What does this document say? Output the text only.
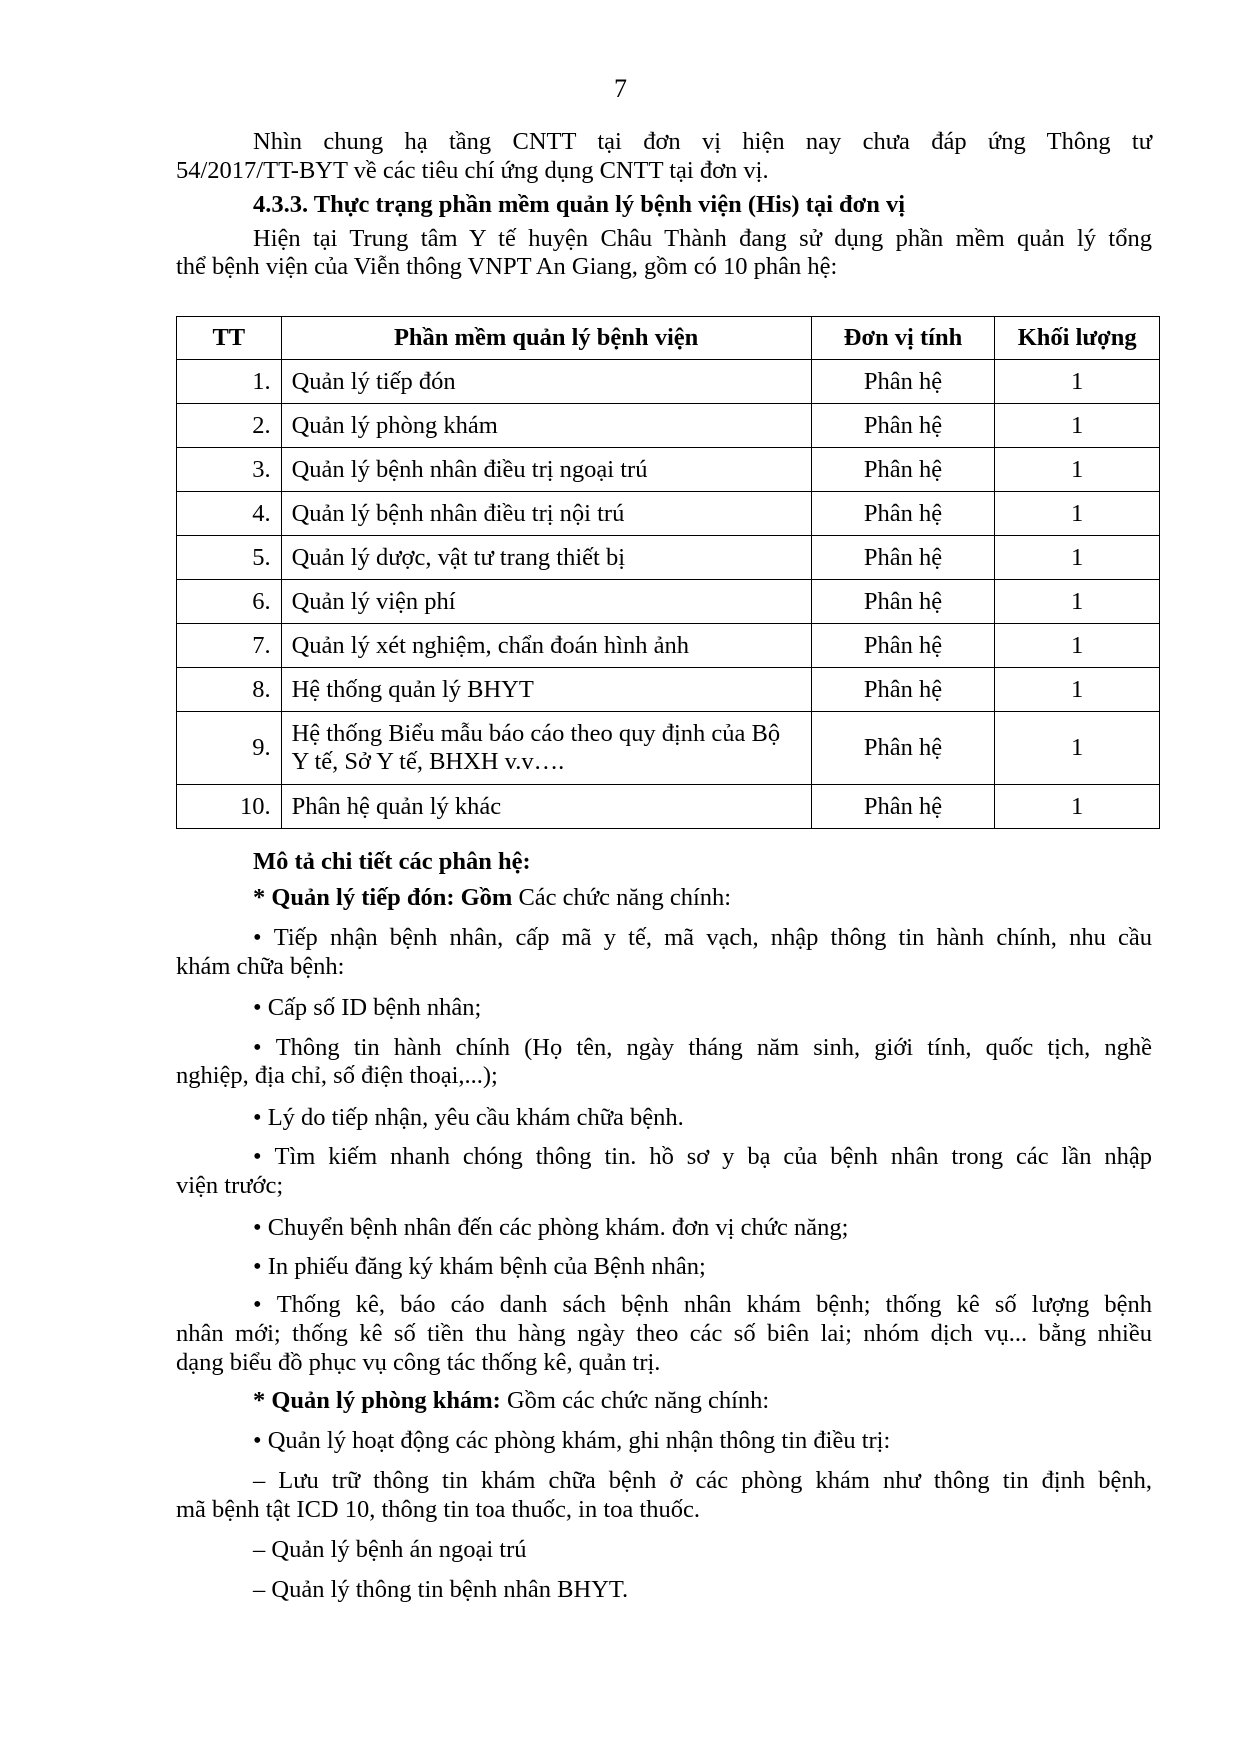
7
Nhìn chung hạ tầng CNTT tại đơn vị hiện nay chưa đáp ứng Thông tư
54/2017/TT-BYT về các tiêu chí ứng dụng CNTT tại đơn vị.
4.3.3. Thực trạng phần mềm quản lý bệnh viện (His) tại đơn vị
Hiện tại Trung tâm Y tế huyện Châu Thành đang sử dụng phần mềm quản lý tổng
thể bệnh viện của Viễn thông VNPT An Giang, gồm có 10 phân hệ:
TT	Phần mềm quản lý bệnh viện	Đơn vị tính	Khối lượng
1.	Quản lý tiếp đón	Phân hệ	1
2.	Quản lý phòng khám	Phân hệ	1
3.	Quản lý bệnh nhân điều trị ngoại trú	Phân hệ	1
4.	Quản lý bệnh nhân điều trị nội trú	Phân hệ	1
5.	Quản lý dược, vật tư trang thiết bị	Phân hệ	1
6.	Quản lý viện phí	Phân hệ	1
7.	Quản lý xét nghiệm, chẩn đoán hình ảnh	Phân hệ	1
8.	Hệ thống quản lý BHYT	Phân hệ	1
9.	Hệ thống Biểu mẫu báo cáo theo quy định của Bộ
Y tế, Sở Y tế, BHXH v.v….	Phân hệ	1
10.	Phân hệ quản lý khác	Phân hệ	1
Mô tả chi tiết các phân hệ:
* Quản lý tiếp đón: Gồm Các chức năng chính:
• Tiếp nhận bệnh nhân, cấp mã y tế, mã vạch, nhập thông tin hành chính, nhu cầu
khám chữa bệnh:
• Cấp số ID bệnh nhân;
• Thông tin hành chính (Họ tên, ngày tháng năm sinh, giới tính, quốc tịch, nghề
nghiệp, địa chỉ, số điện thoại,...);
• Lý do tiếp nhận, yêu cầu khám chữa bệnh.
• Tìm kiếm nhanh chóng thông tin. hồ sơ y bạ của bệnh nhân trong các lần nhập
viện trước;
• Chuyển bệnh nhân đến các phòng khám. đơn vị chức năng;
• In phiếu đăng ký khám bệnh của Bệnh nhân;
• Thống kê, báo cáo danh sách bệnh nhân khám bệnh; thống kê số lượng bệnh
nhân mới; thống kê số tiền thu hàng ngày theo các số biên lai; nhóm dịch vụ... bằng nhiều
dạng biểu đồ phục vụ công tác thống kê, quản trị.
* Quản lý phòng khám: Gồm các chức năng chính:
• Quản lý hoạt động các phòng khám, ghi nhận thông tin điều trị:
– Lưu trữ thông tin khám chữa bệnh ở các phòng khám như thông tin định bệnh,
mã bệnh tật ICD 10, thông tin toa thuốc, in toa thuốc.
– Quản lý bệnh án ngoại trú
– Quản lý thông tin bệnh nhân BHYT.
